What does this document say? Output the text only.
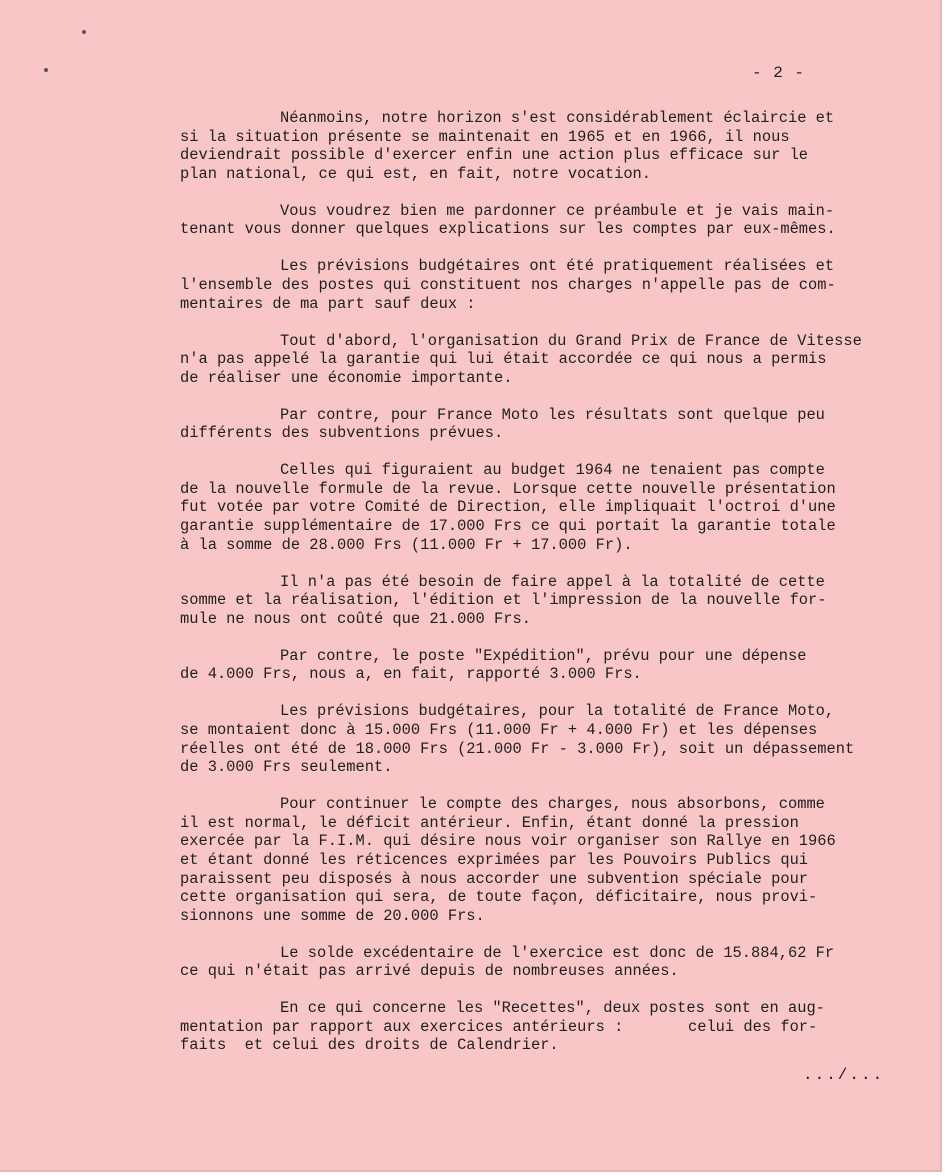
- 2 -
Néanmoins, notre horizon s'est considérablement éclaircie et
si la situation présente se maintenait en 1965 et en 1966, il nous
deviendrait possible d'exercer enfin une action plus efficace sur le
plan national, ce qui est, en fait, notre vocation.
Vous voudrez bien me pardonner ce préambule et je vais main-
tenant vous donner quelques explications sur les comptes par eux-mêmes.
Les prévisions budgétaires ont été pratiquement réalisées et
l'ensemble des postes qui constituent nos charges n'appelle pas de com-
mentaires de ma part sauf deux :
Tout d'abord, l'organisation du Grand Prix de France de Vitesse
n'a pas appelé la garantie qui lui était accordée ce qui nous a permis
de réaliser une économie importante.
Par contre, pour France Moto les résultats sont quelque peu
différents des subventions prévues.
Celles qui figuraient au budget 1964 ne tenaient pas compte
de la nouvelle formule de la revue. Lorsque cette nouvelle présentation
fut votée par votre Comité de Direction, elle impliquait l'octroi d'une
garantie supplémentaire de 17.000 Frs ce qui portait la garantie totale
à la somme de 28.000 Frs (11.000 Fr + 17.000 Fr).
Il n'a pas été besoin de faire appel à la totalité de cette
somme et la réalisation, l'édition et l'impression de la nouvelle for-
mule ne nous ont coûté que 21.000 Frs.
Par contre, le poste "Expédition", prévu pour une dépense
de 4.000 Frs, nous a, en fait, rapporté 3.000 Frs.
Les prévisions budgétaires, pour la totalité de France Moto,
se montaient donc à 15.000 Frs (11.000 Fr + 4.000 Fr) et les dépenses
réelles ont été de 18.000 Frs (21.000 Fr - 3.000 Fr), soit un dépassement
de 3.000 Frs seulement.
Pour continuer le compte des charges, nous absorbons, comme
il est normal, le déficit antérieur. Enfin, étant donné la pression
exercée par la F.I.M. qui désire nous voir organiser son Rallye en 1966
et étant donné les réticences exprimées par les Pouvoirs Publics qui
paraissent peu disposés à nous accorder une subvention spéciale pour
cette organisation qui sera, de toute façon, déficitaire, nous provi-
sionnons une somme de 20.000 Frs.
Le solde excédentaire de l'exercice est donc de 15.884,62 Fr
ce qui n'était pas arrivé depuis de nombreuses années.
En ce qui concerne les "Recettes", deux postes sont en aug-
mentation par rapport aux exercices antérieurs :       celui des for-
faits  et celui des droits de Calendrier.
.../...
